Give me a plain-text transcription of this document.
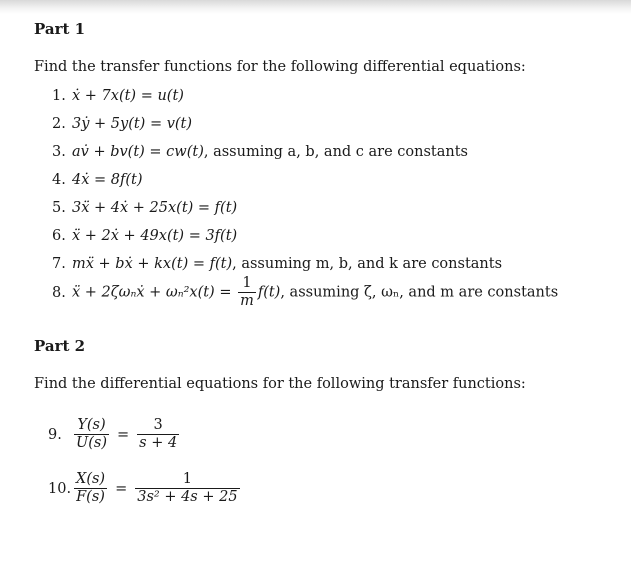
Part 1
Find the transfer functions for the following differential equations:
1. ẋ + 7x(t) = u(t)
2. 3ẏ + 5y(t) = v(t)
3. av̇ + bv(t) = cw(t), assuming a, b, and c are constants
4. 4ẋ = 8f(t)
5. 3ẍ + 4ẋ + 25x(t) = f(t)
6. ẍ + 2ẋ + 49x(t) = 3f(t)
7. mẍ + bẋ + kx(t) = f(t), assuming m, b, and k are constants
8. ẍ + 2ζωₙẋ + $\omega_n^2x(t) = \frac{1}{m} f(t)$, assuming ζ, ωₙ, and m are constants
Part 2
Find the differential equations for the following transfer functions:
9. $\frac{Y(s)}{U(s)} = \frac{3}{s + 4}$
10. $\frac{X(s)}{F(s)} = \frac{1}{\text{3s² + 4s + 25}}$
